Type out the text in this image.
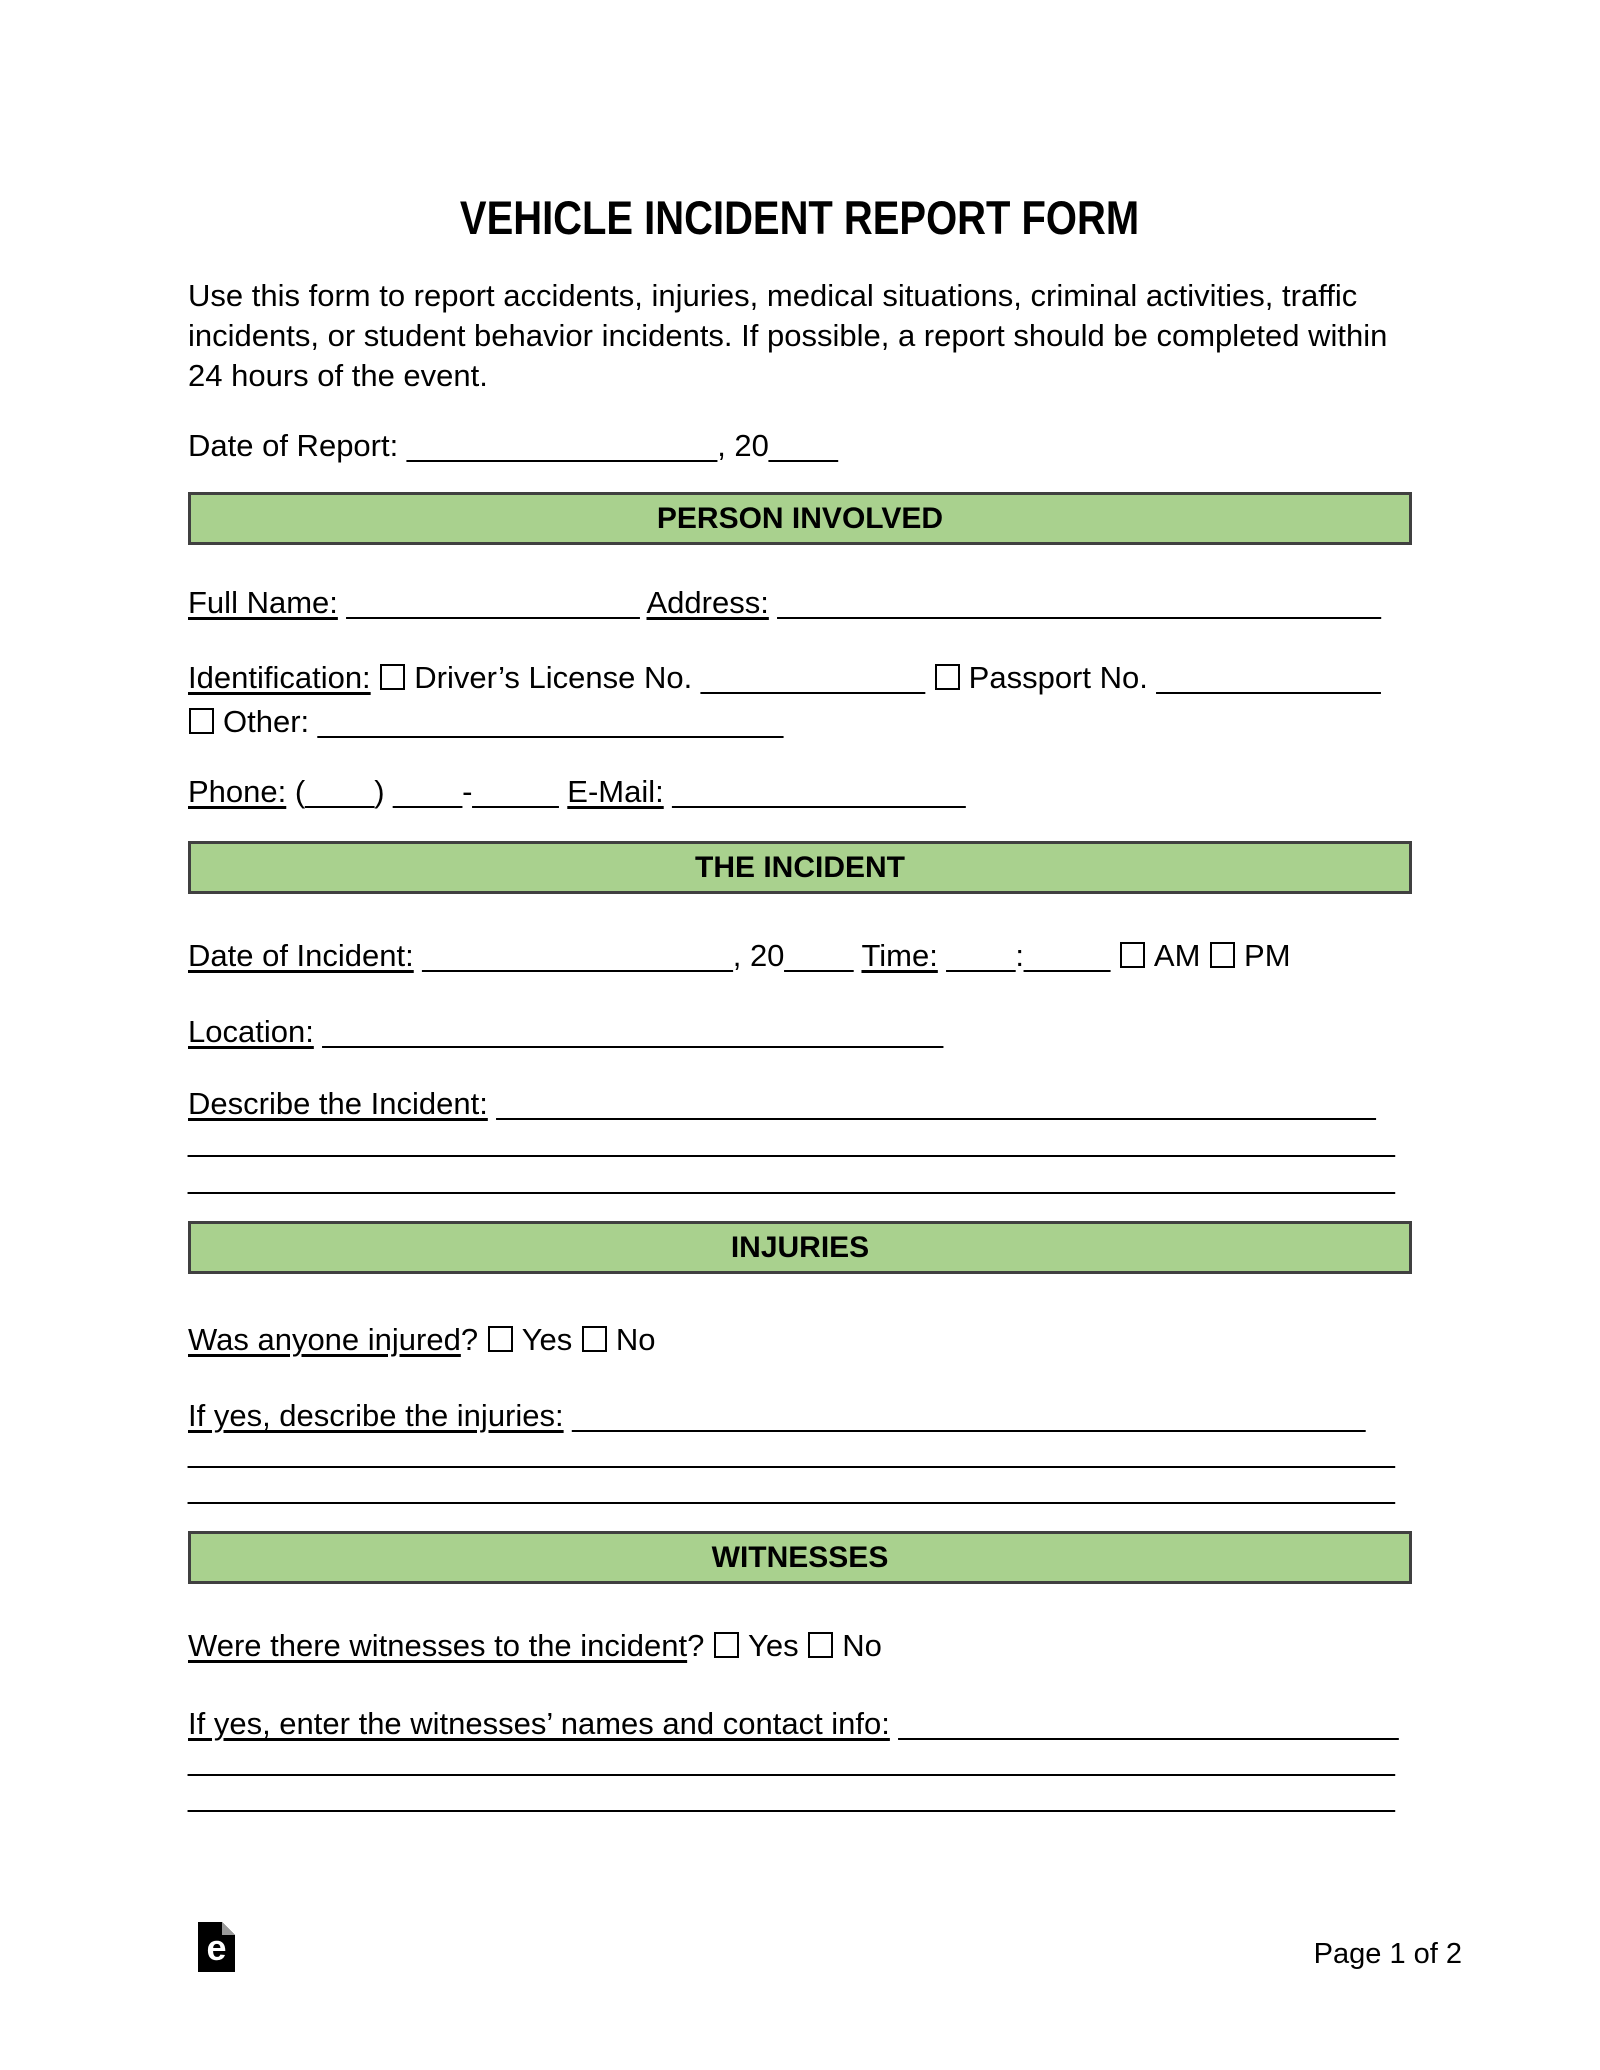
VEHICLE INCIDENT REPORT FORM
Use this form to report accidents, injuries, medical situations, criminal activities, traffic
incidents, or student behavior incidents. If possible, a report should be completed within
24 hours of the event.
Date of Report: __________________, 20____
PERSON INVOLVED
Full Name: _________________ Address: ___________________________________
Identification: Driver’s License No. _____________ Passport No. _____________
Other: ___________________________
Phone: (____) ____-_____ E-Mail: _________________
THE INCIDENT
Date of Incident: __________________, 20____ Time: ____:_____ AM PM
Location: ____________________________________
Describe the Incident: ___________________________________________________
______________________________________________________________________
______________________________________________________________________
INJURIES
Was anyone injured? Yes No
If yes, describe the injuries: ______________________________________________
______________________________________________________________________
______________________________________________________________________
WITNESSES
Were there witnesses to the incident? Yes No
If yes, enter the witnesses’ names and contact info: _____________________________
______________________________________________________________________
______________________________________________________________________
e	Page 1 of 2
